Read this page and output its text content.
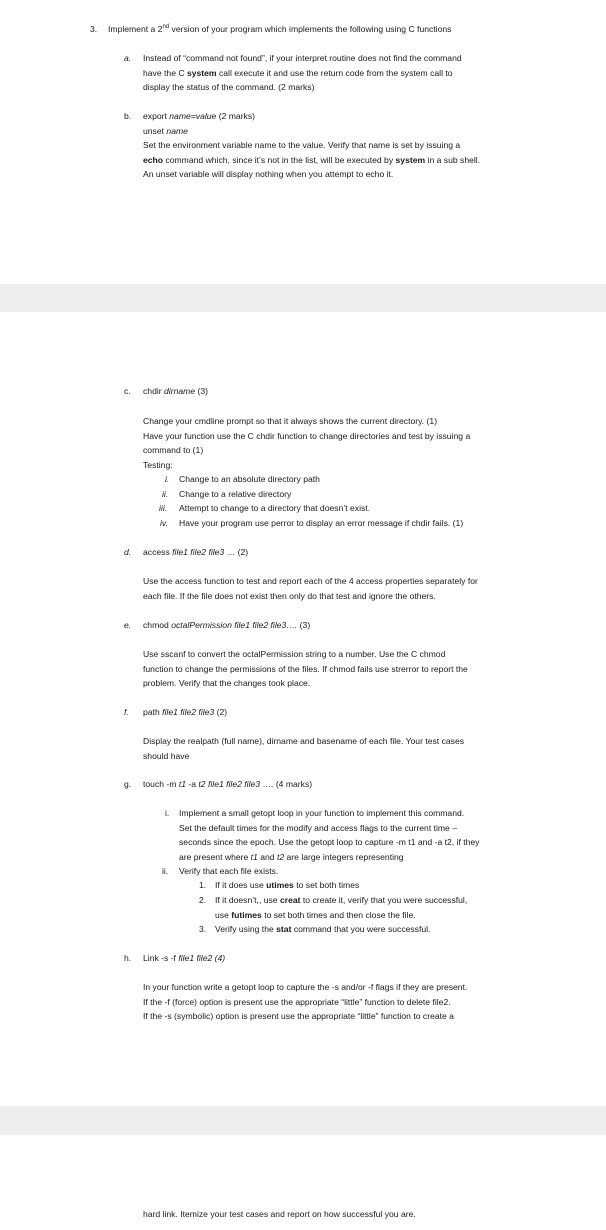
3. Implement a 2nd version of your program which implements the following using C functions
a. Instead of “command not found”, if your interpret routine does not find the command
have the C system call execute it and use the return code from the system call to
display the status of the command. (2 marks)
b. export name=value (2 marks)
unset name
Set the environment variable name to the value. Verify that name is set by issuing a
echo command which, since it’s not in the list, will be executed by system in a sub shell.
An unset variable will display nothing when you attempt to echo it.
c. chdir dirname (3)
Change your cmdline prompt so that it always shows the current directory. (1)
Have your function use the C chdir function to change directories and test by issuing a
command to (1)
Testing:
i. Change to an absolute directory path
ii. Change to a relative directory
iii. Attempt to change to a directory that doesn’t exist.
iv. Have your program use perror to display an error message if chdir fails. (1)
d. access file1 file2 file3 … (2)
Use the access function to test and report each of the 4 access properties separately for
each file. If the file does not exist then only do that test and ignore the others.
e. chmod octalPermission file1 file2 file3…. (3)
Use sscanf to convert the octalPermission string to a number. Use the C chmod
function to change the permissions of the files. If chmod fails use strerror to report the
problem. Verify that the changes took place.
f. path file1 file2 file3 (2)
Display the realpath (full name), dirname and basename of each file. Your test cases
should have
g. touch -m t1 -a t2 file1 file2 file3 …. (4 marks)
i. Implement a small getopt loop in your function to implement this command.
Set the default times for the modify and access flags to the current time –
seconds since the epoch. Use the getopt loop to capture -m t1 and -a t2, if they
are present where t1 and t2 are large integers representing
ii. Verify that each file exists.
1. If it does use utimes to set both times
2. If it doesn’t,, use creat to create it, verify that you were successful,
use futimes to set both times and then close the file.
3. Verify using the stat command that you were successful.
h. Link -s -f file1 file2 (4)
In your function write a getopt loop to capture the -s and/or -f flags if they are present.
If the -f (force) option is present use the appropriate “little” function to delete file2.
If the -s (symbolic) option is present use the appropriate “little” function to create a
hard link. Itemize your test cases and report on how successful you are.
